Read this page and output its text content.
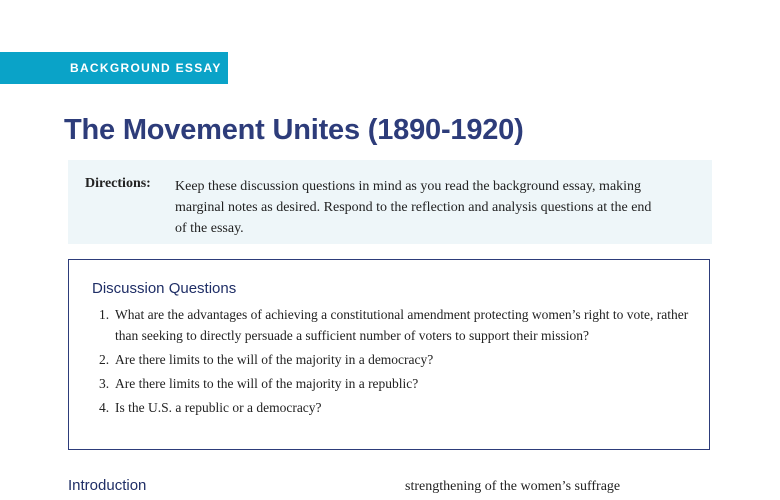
BACKGROUND ESSAY
The Movement Unites (1890-1920)
Directions: Keep these discussion questions in mind as you read the background essay, making marginal notes as desired. Respond to the reflection and analysis questions at the end of the essay.
Discussion Questions
1. What are the advantages of achieving a constitutional amendment protecting women’s right to vote, rather than seeking to directly persuade a sufficient number of voters to support their mission?
2. Are there limits to the will of the majority in a democracy?
3. Are there limits to the will of the majority in a republic?
4. Is the U.S. a republic or a democracy?
Introduction	strengthening of the women’s suffrage
